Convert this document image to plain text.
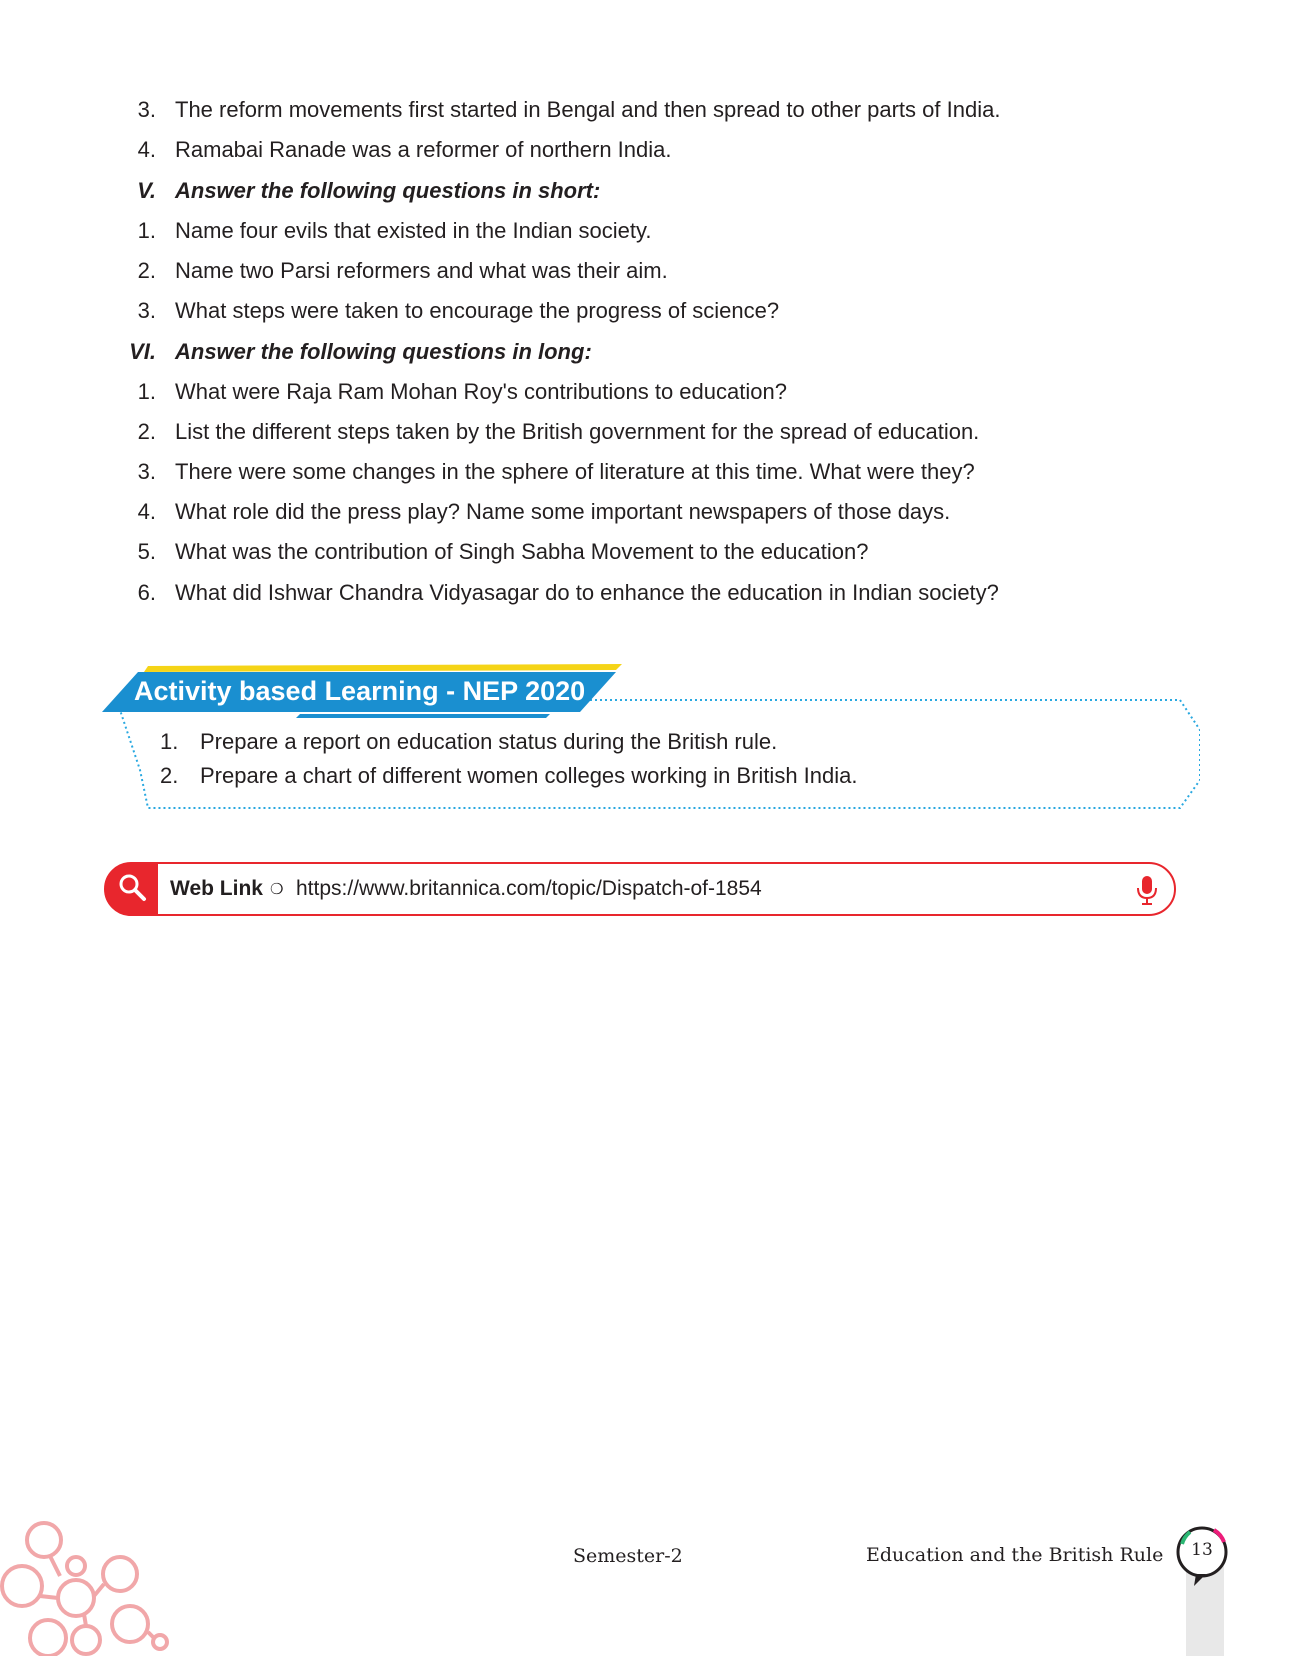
3. The reform movements first started in Bengal and then spread to other parts of India.
4. Ramabai Ranade was a reformer of northern India.
V. Answer the following questions in short:
1. Name four evils that existed in the Indian society.
2. Name two Parsi reformers and what was their aim.
3. What steps were taken to encourage the progress of science?
VI. Answer the following questions in long:
1. What were Raja Ram Mohan Roy's contributions to education?
2. List the different steps taken by the British government for the spread of education.
3. There were some changes in the sphere of literature at this time. What were they?
4. What role did the press play? Name some important newspapers of those days.
5. What was the contribution of Singh Sabha Movement to the education?
6. What did Ishwar Chandra Vidyasagar do to enhance the education in Indian society?
Activity based Learning - NEP 2020
1. Prepare a report on education status during the British rule.
2. Prepare a chart of different women colleges working in British India.
Web Link ❍ https://www.britannica.com/topic/Dispatch-of-1854
Semester-2	Education and the British Rule	13
